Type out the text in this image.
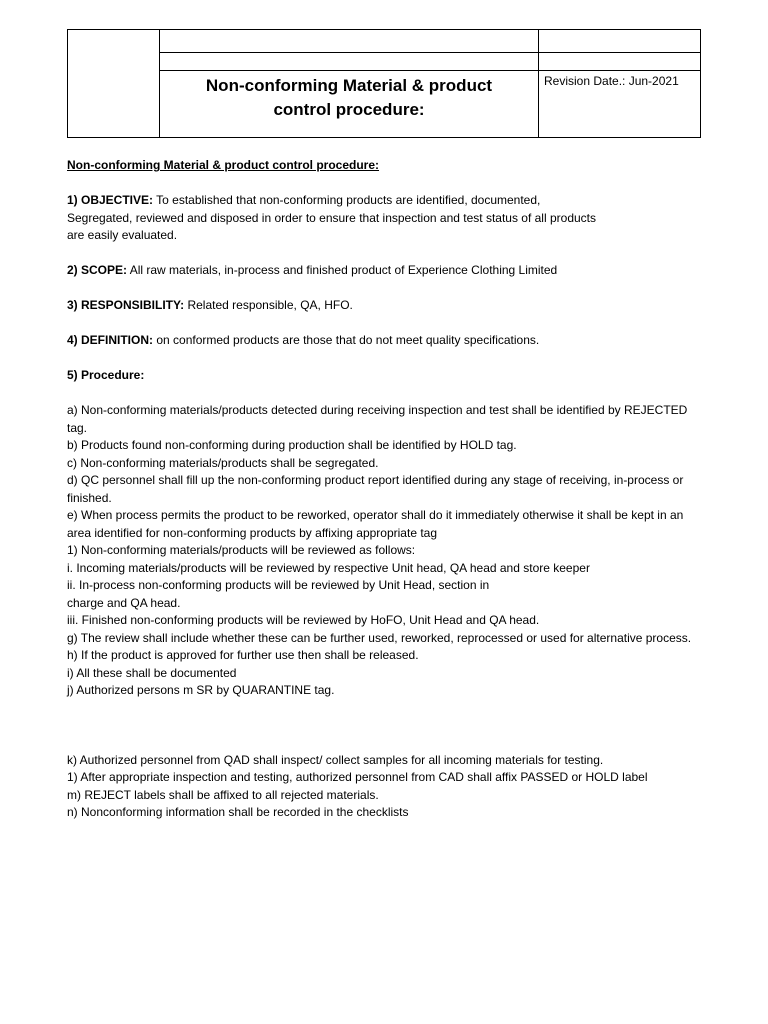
Non-conforming Material & product
control procedure:
Revision Date.: Jun-2021

Non-conforming Material & product control procedure:

1) OBJECTIVE: To established that non-conforming products are identified, documented,

Segregated, reviewed and disposed in order to ensure that inspection and test status of all products

are easily evaluated.

2) SCOPE: All raw materials, in-process and finished product of Experience Clothing Limited

3) RESPONSIBILITY: Related responsible, QA, HFO.

4) DEFINITION: on conformed products are those that do not meet quality specifications.

5) Procedure:

a) Non-conforming materials/products detected during receiving inspection and test shall be identified by REJECTED

tag.

b) Products found non-conforming during production shall be identified by HOLD tag.

c) Non-conforming materials/products shall be segregated.

d) QC personnel shall fill up the non-conforming product report identified during any stage of receiving, in-process or

finished.

e) When process permits the product to be reworked, operator shall do it immediately otherwise it shall be kept in an

area identified for non-conforming products by affixing appropriate tag

1) Non-conforming materials/products will be reviewed as follows:

i. Incoming materials/products will be reviewed by respective Unit head, QA head and store keeper

ii. In-process non-conforming products will be reviewed by Unit Head, section in

charge and QA head.

iii. Finished non-conforming products will be reviewed by HoFO, Unit Head and QA head.

g) The review shall include whether these can be further used, reworked, reprocessed or used for alternative process.

h) If the product is approved for further use then shall be released.

i) All these shall be documented

j) Authorized persons m SR by QUARANTINE tag.

k) Authorized personnel from QAD shall inspect/ collect samples for all incoming materials for testing.

1) After appropriate inspection and testing, authorized personnel from CAD shall affix PASSED or HOLD label

m) REJECT labels shall be affixed to all rejected materials.

n) Nonconforming information shall be recorded in the checklists
